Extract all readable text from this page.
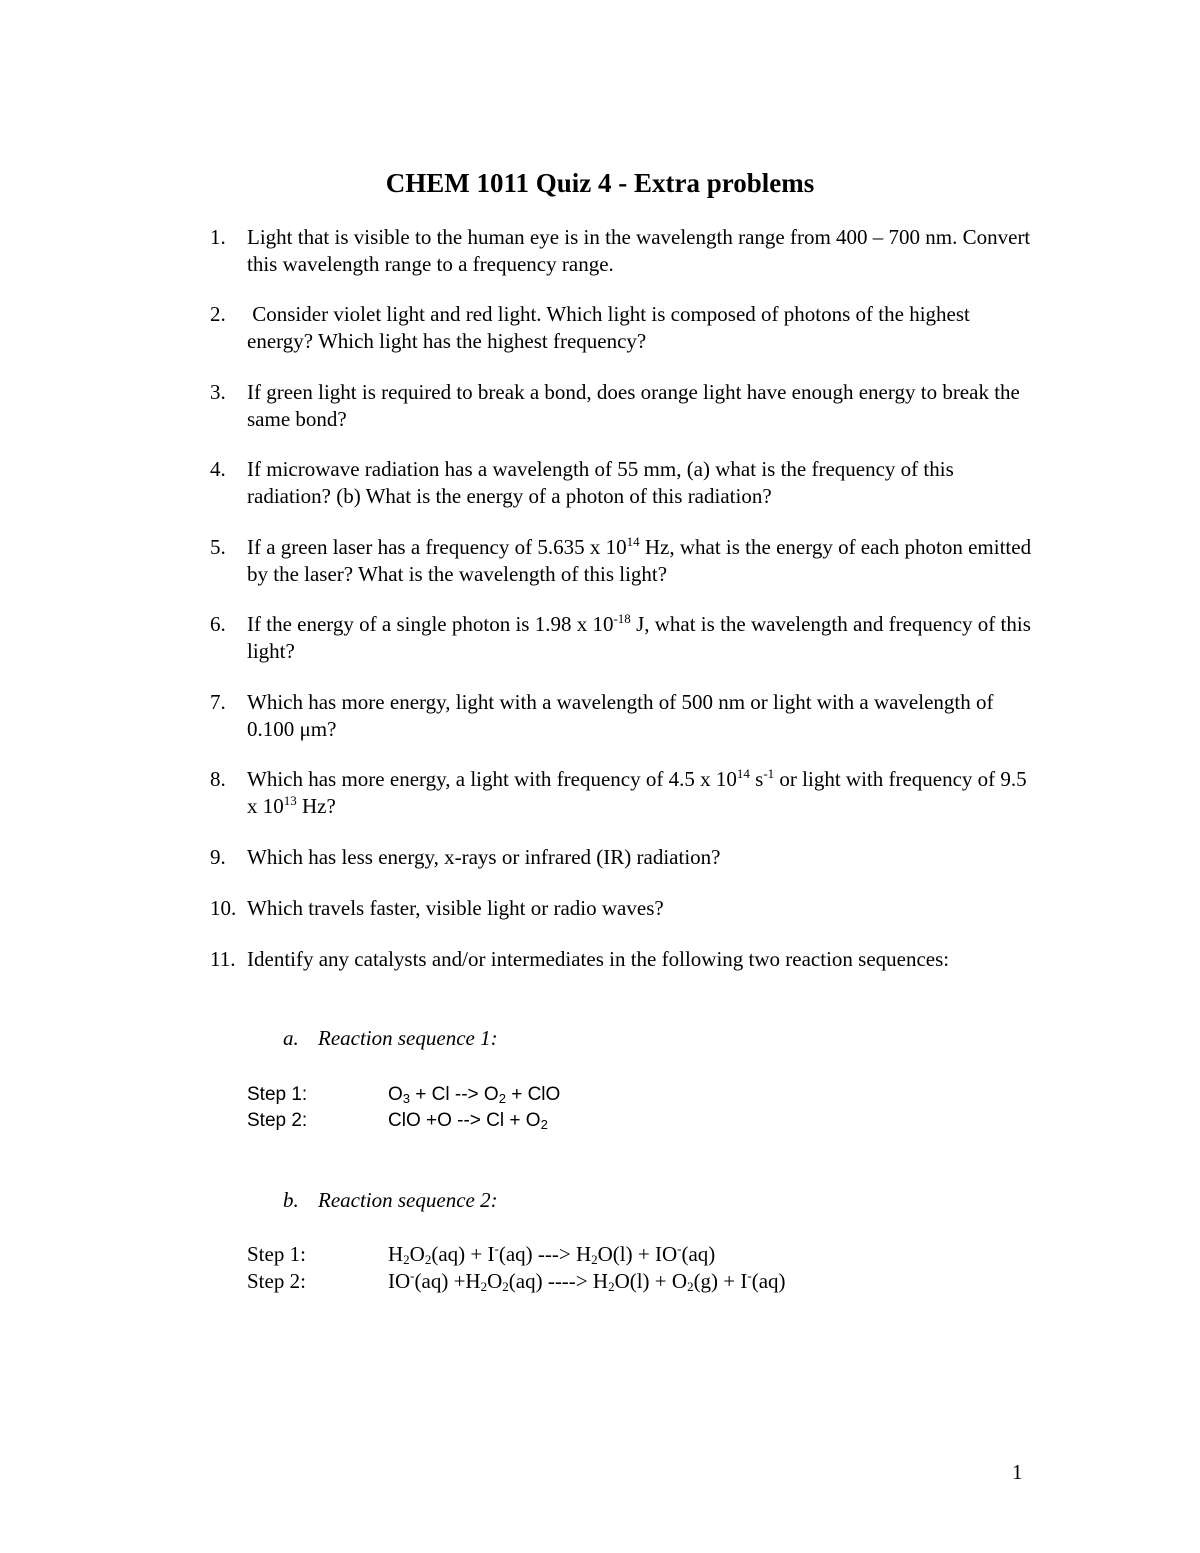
CHEM 1011 Quiz 4 - Extra problems
1. Light that is visible to the human eye is in the wavelength range from 400 – 700 nm. Convert this wavelength range to a frequency range.
2. Consider violet light and red light. Which light is composed of photons of the highest energy? Which light has the highest frequency?
3. If green light is required to break a bond, does orange light have enough energy to break the same bond?
4. If microwave radiation has a wavelength of 55 mm, (a) what is the frequency of this radiation? (b) What is the energy of a photon of this radiation?
5. If a green laser has a frequency of 5.635 x $10^{14}$ Hz, what is the energy of each photon emitted by the laser? What is the wavelength of this light?
6. If the energy of a single photon is 1.98 x $10^{-18}$ J, what is the wavelength and frequency of this light?
7. Which has more energy, light with a wavelength of 500 nm or light with a wavelength of 0.100 μm?
8. Which has more energy, a light with frequency of 4.5 x $10^{14}$ $s^{-1}$ or light with frequency of 9.5 x $10^{13}$ Hz?
9. Which has less energy, x-rays or infrared (IR) radiation?
10. Which travels faster, visible light or radio waves?
11. Identify any catalysts and/or intermediates in the following two reaction sequences:
a. Reaction sequence 1:
Step 1:	$O_3 + Cl$ --> $O_2$ + ClO
Step 2:	ClO +O --> $Cl + O_2$
b. Reaction sequence 2:
Step 1:	$H_2O_2(aq) + I^-(aq)$ ---> $H_2O(l) + IO^-(aq)$
Step 2:	$IO^-(aq) +H_2O_2(aq)$ ----> $H_2O(l) + O_2(g) + I^-(aq)$
1
